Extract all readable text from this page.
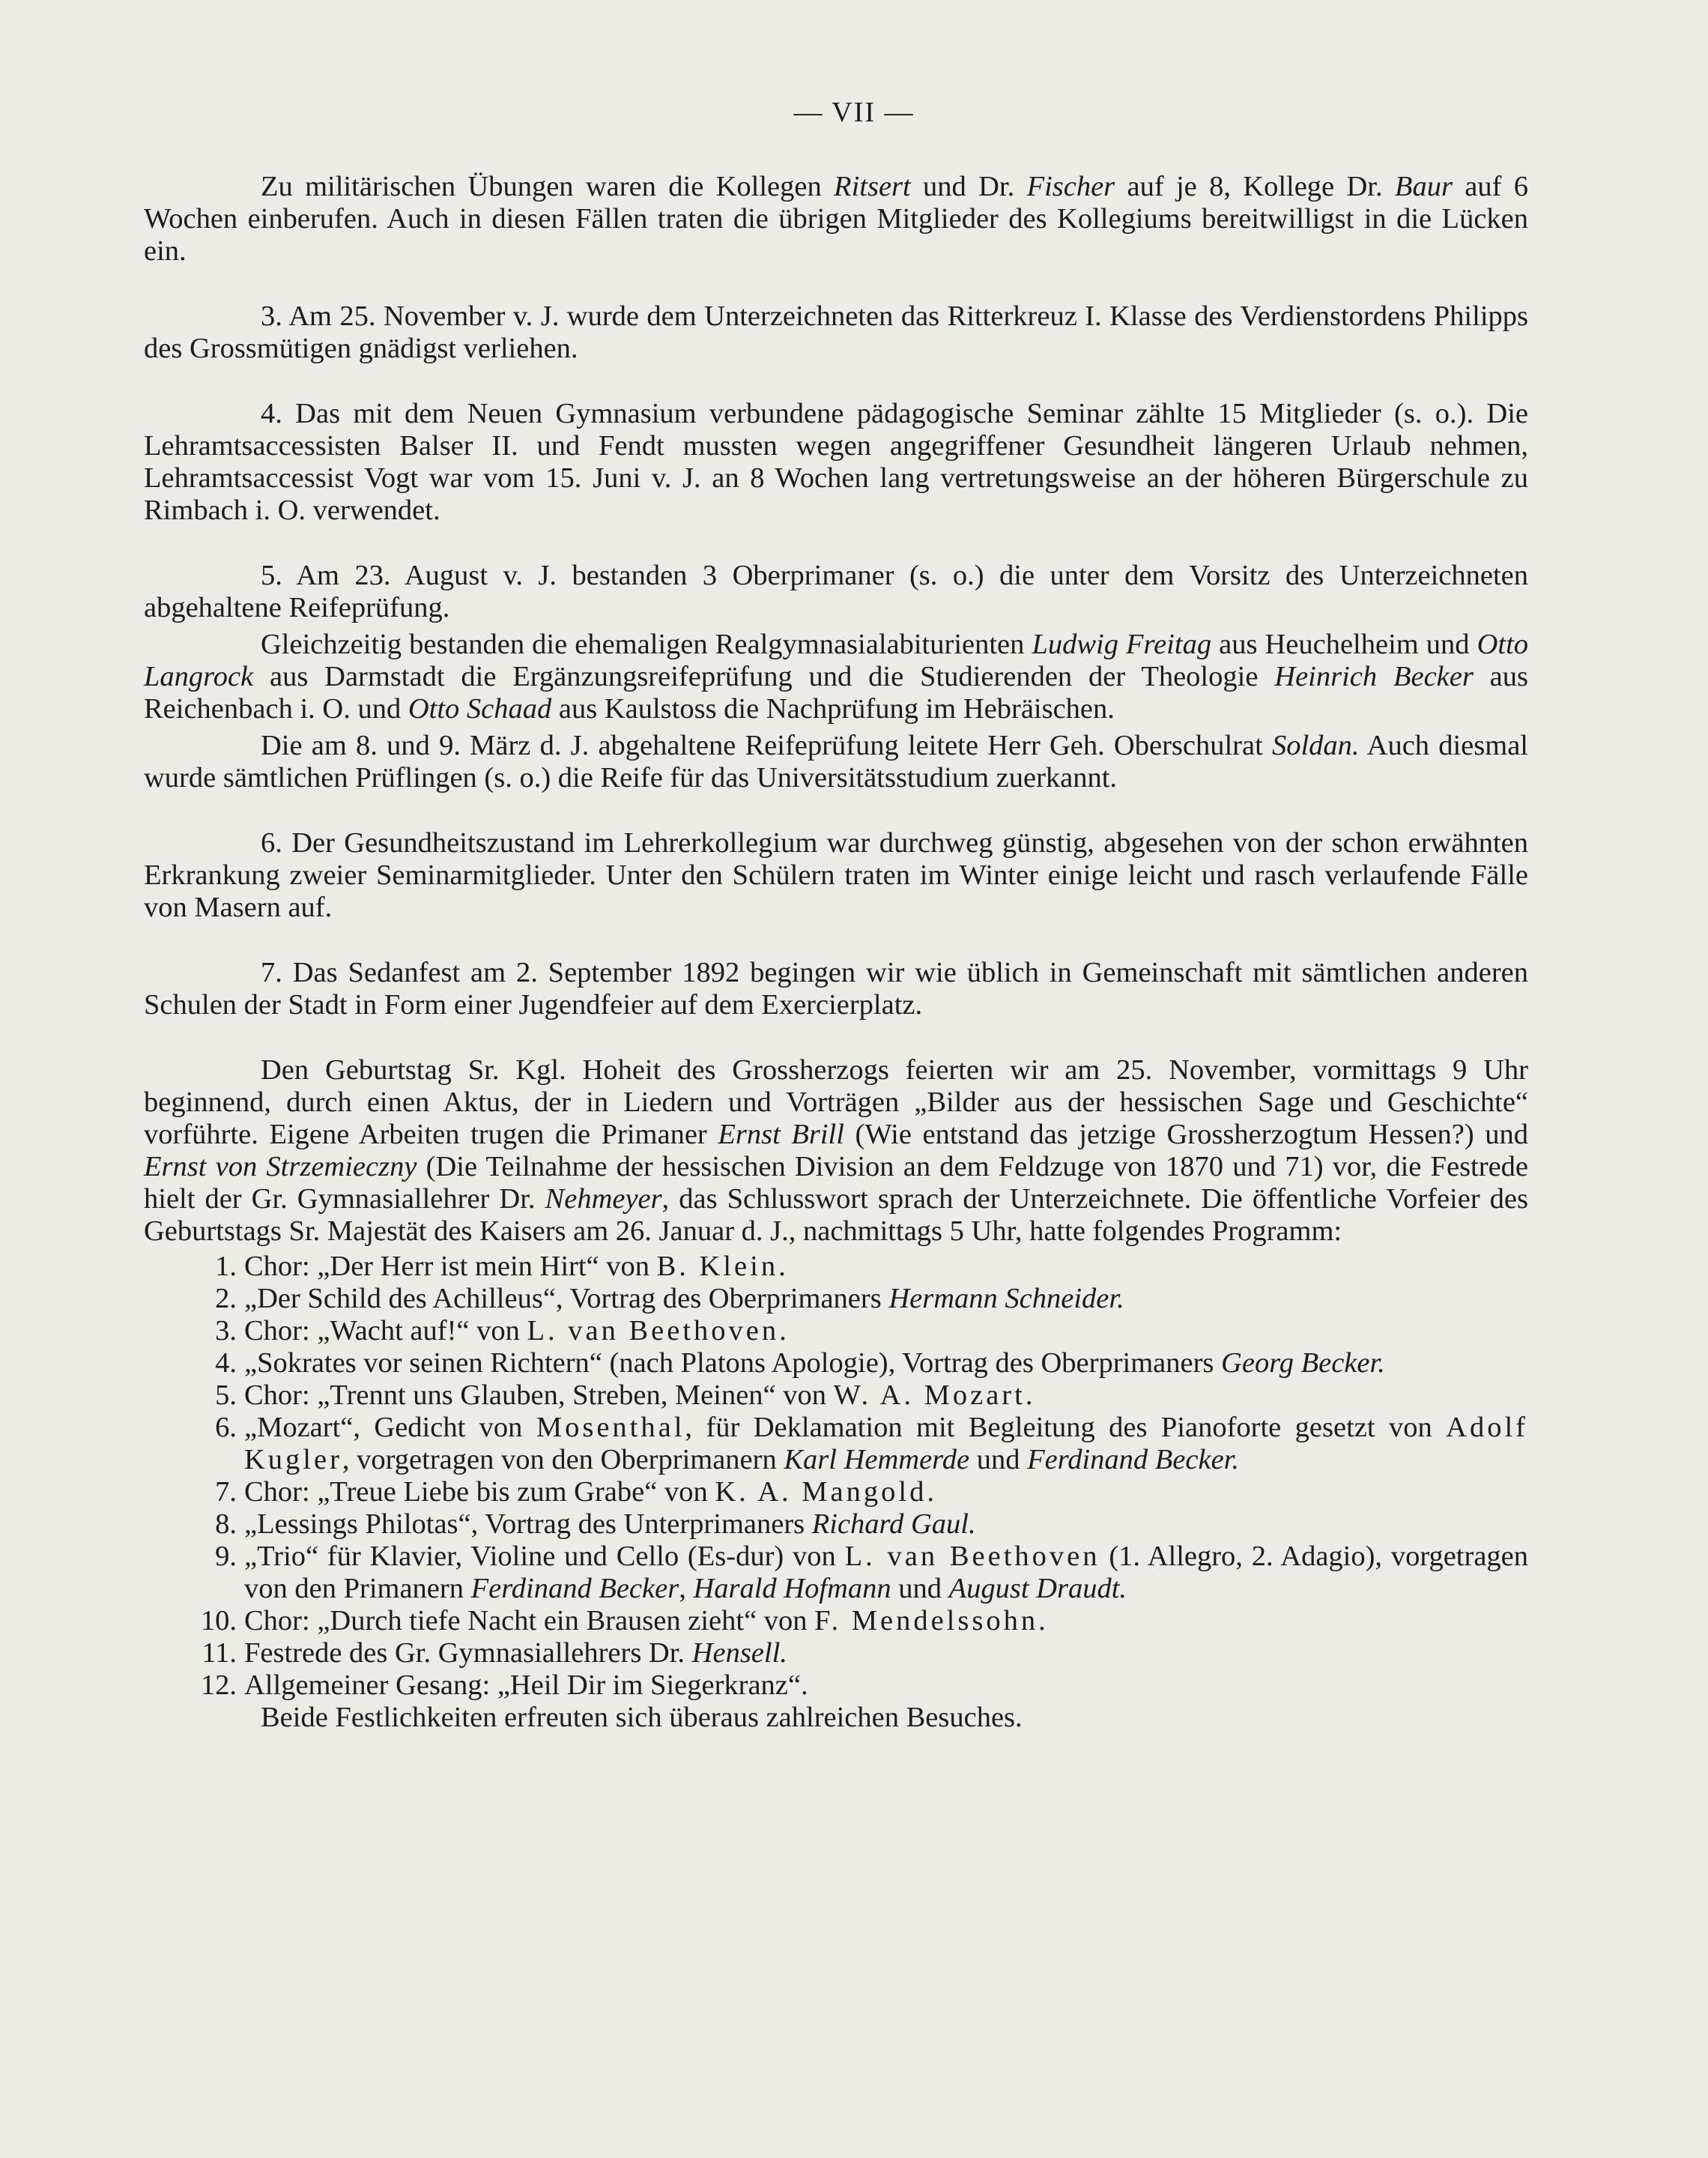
— VII —

Zu militärischen Übungen waren die Kollegen Ritsert und Dr. Fischer auf je 8, Kollege Dr. Baur auf 6 Wochen einberufen. Auch in diesen Fällen traten die übrigen Mitglieder des Kollegiums bereitwilligst in die Lücken ein.

3. Am 25. November v. J. wurde dem Unterzeichneten das Ritterkreuz I. Klasse des Verdienstordens Philipps des Grossmütigen gnädigst verliehen.

4. Das mit dem Neuen Gymnasium verbundene pädagogische Seminar zählte 15 Mitglieder (s. o.). Die Lehramtsaccessisten Balser II. und Fendt mussten wegen angegriffener Gesundheit längeren Urlaub nehmen, Lehramtsaccessist Vogt war vom 15. Juni v. J. an 8 Wochen lang vertretungsweise an der höheren Bürgerschule zu Rimbach i. O. verwendet.

5. Am 23. August v. J. bestanden 3 Oberprimaner (s. o.) die unter dem Vorsitz des Unterzeichneten abgehaltene Reifeprüfung.

Gleichzeitig bestanden die ehemaligen Realgymnasialabiturienten Ludwig Freitag aus Heuchelheim und Otto Langrock aus Darmstadt die Ergänzungsreifeprüfung und die Studierenden der Theologie Heinrich Becker aus Reichenbach i. O. und Otto Schaad aus Kaulstoss die Nachprüfung im Hebräischen.

Die am 8. und 9. März d. J. abgehaltene Reifeprüfung leitete Herr Geh. Oberschulrat Soldan. Auch diesmal wurde sämtlichen Prüflingen (s. o.) die Reife für das Universitätsstudium zuerkannt.

6. Der Gesundheitszustand im Lehrerkollegium war durchweg günstig, abgesehen von der schon erwähnten Erkrankung zweier Seminarmitglieder. Unter den Schülern traten im Winter einige leicht und rasch verlaufende Fälle von Masern auf.

7. Das Sedanfest am 2. September 1892 begingen wir wie üblich in Gemeinschaft mit sämtlichen anderen Schulen der Stadt in Form einer Jugendfeier auf dem Exercierplatz.

Den Geburtstag Sr. Kgl. Hoheit des Grossherzogs feierten wir am 25. November, vormittags 9 Uhr beginnend, durch einen Aktus, der in Liedern und Vorträgen „Bilder aus der hessischen Sage und Geschichte“ vorführte. Eigene Arbeiten trugen die Primaner Ernst Brill (Wie entstand das jetzige Grossherzogtum Hessen?) und Ernst von Strzemieczny (Die Teilnahme der hessischen Division an dem Feldzuge von 1870 und 71) vor, die Festrede hielt der Gr. Gymnasiallehrer Dr. Nehmeyer, das Schlusswort sprach der Unterzeichnete. Die öffentliche Vorfeier des Geburtstags Sr. Majestät des Kaisers am 26. Januar d. J., nachmittags 5 Uhr, hatte folgendes Programm:

1. Chor: „Der Herr ist mein Hirt“ von B. Klein.
2. „Der Schild des Achilleus“, Vortrag des Oberprimaners Hermann Schneider.
3. Chor: „Wacht auf!“ von L. van Beethoven.
4. „Sokrates vor seinen Richtern“ (nach Platons Apologie), Vortrag des Oberprimaners Georg Becker.
5. Chor: „Trennt uns Glauben, Streben, Meinen“ von W. A. Mozart.
6. „Mozart“, Gedicht von Mosenthal, für Deklamation mit Begleitung des Pianoforte gesetzt von Adolf Kugler, vorgetragen von den Oberprimanern Karl Hemmerde und Ferdinand Becker.
7. Chor: „Treue Liebe bis zum Grabe“ von K. A. Mangold.
8. „Lessings Philotas“, Vortrag des Unterprimaners Richard Gaul.
9. „Trio“ für Klavier, Violine und Cello (Es-dur) von L. van Beethoven (1. Allegro, 2. Adagio), vorgetragen von den Primanern Ferdinand Becker, Harald Hofmann und August Draudt.
10. Chor: „Durch tiefe Nacht ein Brausen zieht“ von F. Mendelssohn.
11. Festrede des Gr. Gymnasiallehrers Dr. Hensell.
12. Allgemeiner Gesang: „Heil Dir im Siegerkranz“.

Beide Festlichkeiten erfreuten sich überaus zahlreichen Besuches.
